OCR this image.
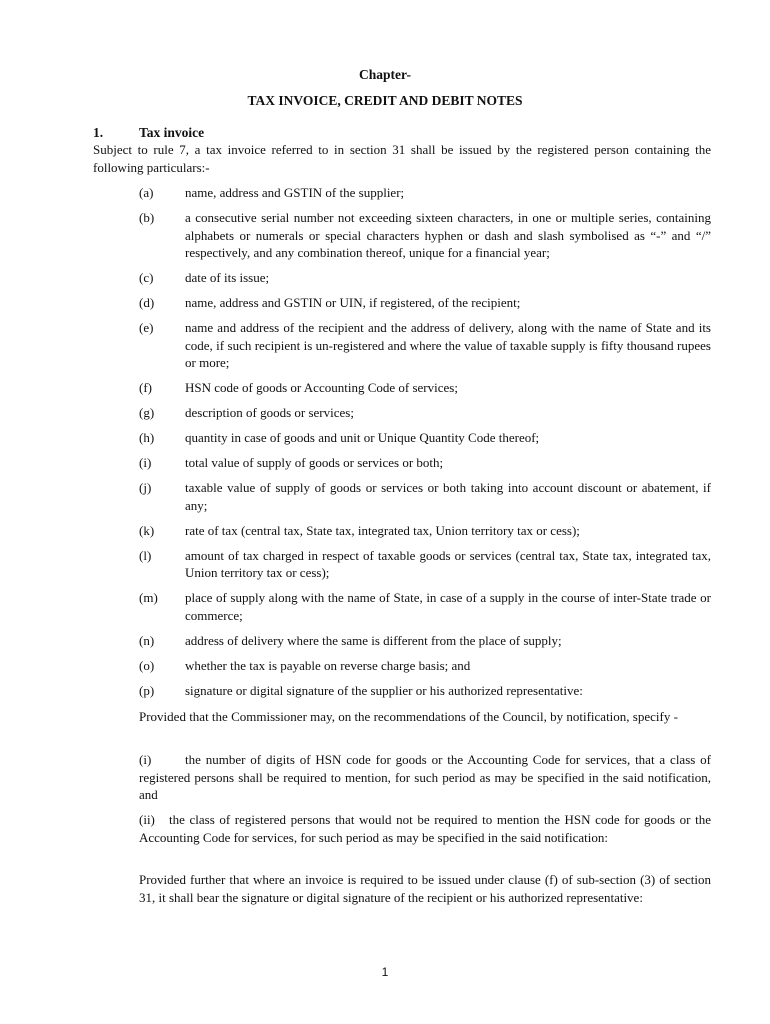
Chapter-
TAX INVOICE, CREDIT AND DEBIT NOTES
1.	Tax invoice
Subject to rule 7, a tax invoice referred to in section 31 shall be issued by the registered person containing the following particulars:-
(a)	name, address and GSTIN of the supplier;
(b)	a consecutive serial number not exceeding sixteen characters, in one or multiple series, containing alphabets or numerals or special characters hyphen or dash and slash symbolised as “-” and “/” respectively, and any combination thereof, unique for a financial year;
(c)	date of its issue;
(d)	name, address and GSTIN or UIN, if registered, of the recipient;
(e)	name and address of the recipient and the address of delivery, along with the name of State and its code, if such recipient is un-registered and where the value of taxable supply is fifty thousand rupees or more;
(f)	HSN code of goods or Accounting Code of services;
(g)	description of goods or services;
(h)	quantity in case of goods and unit or Unique Quantity Code thereof;
(i)	total value of supply of goods or services or both;
(j)	taxable value of supply of goods or services or both taking into account discount or abatement, if any;
(k)	rate of tax (central tax, State tax, integrated tax, Union territory tax or cess);
(l)	amount of tax charged in respect of taxable goods or services (central tax, State tax, integrated tax, Union territory tax or cess);
(m)	place of supply along with the name of State, in case of a supply in the course of inter-State trade or commerce;
(n)	address of delivery where the same is different from the place of supply;
(o)	whether the tax is payable on reverse charge basis; and
(p)	signature or digital signature of the supplier or his authorized representative:
Provided that the Commissioner may, on the recommendations of the Council, by notification, specify -
(i)	the number of digits of HSN code for goods or the Accounting Code for services, that a class of registered persons shall be required to mention, for such period as may be specified in the said notification, and
(ii) the class of registered persons that would not be required to mention the HSN code for goods or the Accounting Code for services, for such period as may be specified in the said notification:
Provided further that where an invoice is required to be issued under clause (f) of sub-section (3) of section 31, it shall bear the signature or digital signature of the recipient or his authorized representative:
1
